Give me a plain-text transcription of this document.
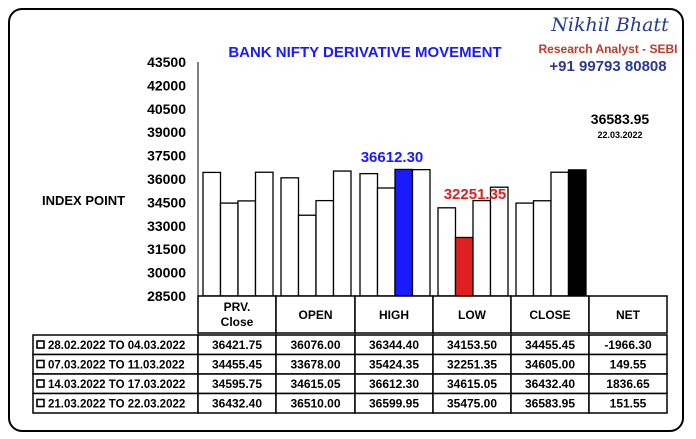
BANK NIFTY DERIVATIVE MOVEMENT
INDEX POINT
28500
30000
31500
33000
34500
36000
37500
39000
40500
42000
43500
36612.30
32251.35
36583.95
22.03.2022
PRV.
Close	OPEN	HIGH	LOW	CLOSE	NET
28.02.2022 TO 04.03.2022 36421.75 36076.00 36344.40 34153.50 34455.45 -1966.30
07.03.2022 TO 11.03.2022 34455.45 33678.00 35424.35 32251.35 34605.00	149.55
14.03.2022 TO 17.03.2022 34595.75 34615.05 36612.30 34615.05 36432.40	1836.65
21.03.2022 TO 22.03.2022 36432.40 36510.00 36599.95 35475.00 36583.95	151.55
Nikhil Bhatt
Research Analyst - SEBI
+91 99793 80808
